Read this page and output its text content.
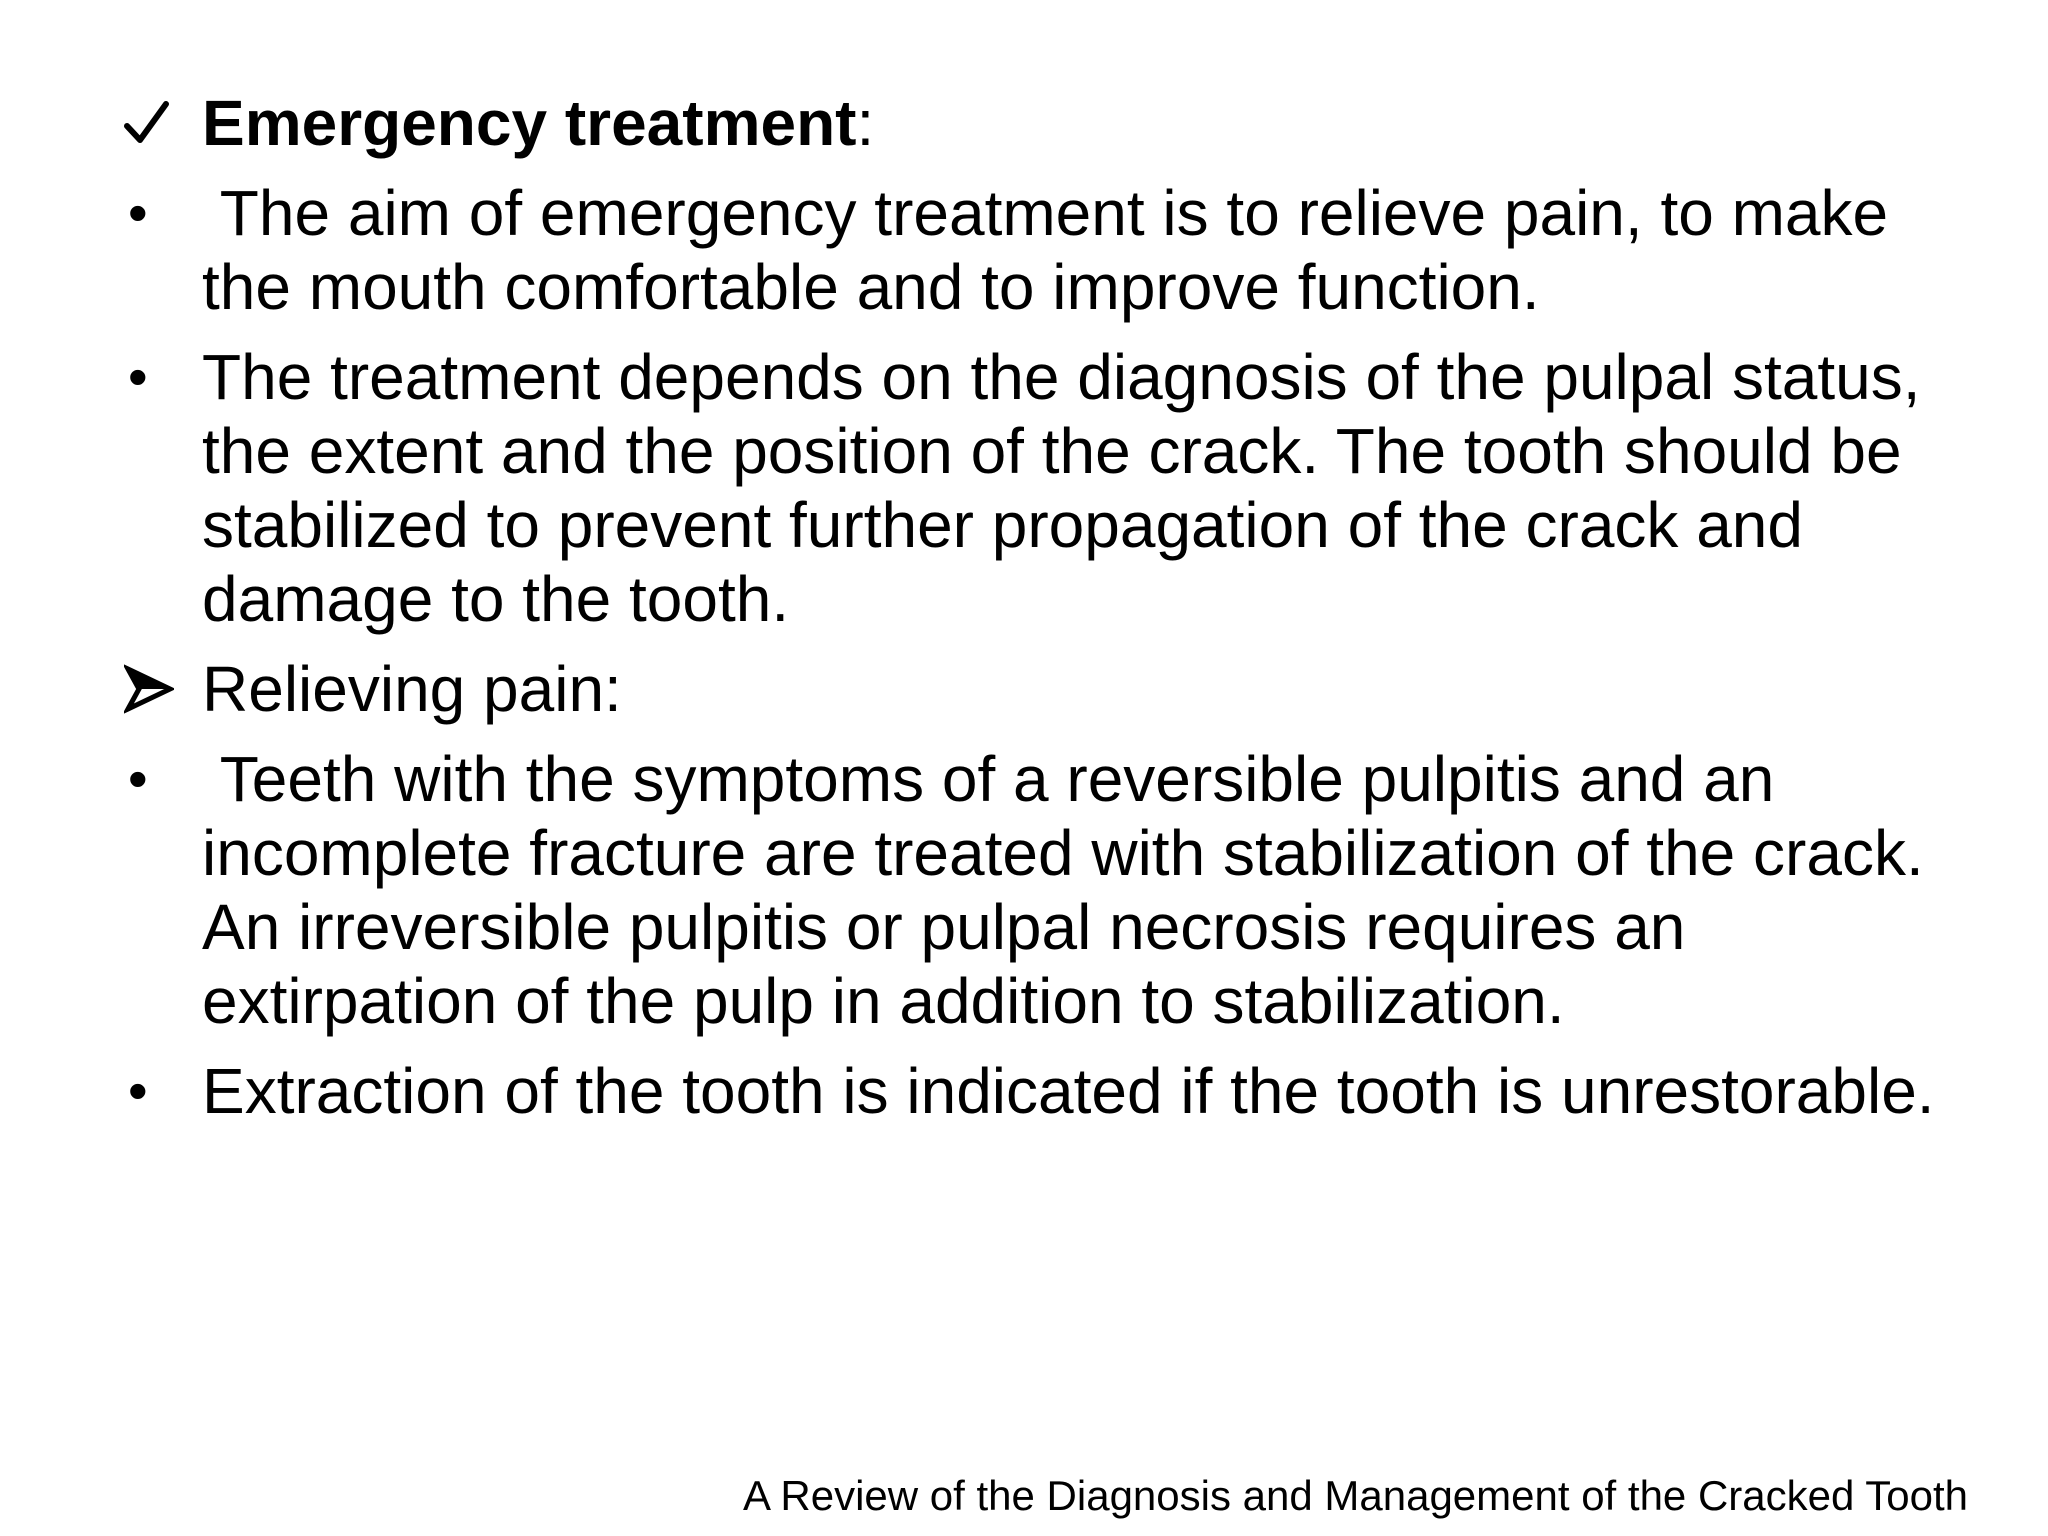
Emergency treatment:
• The aim of emergency treatment is to relieve pain, to make the mouth comfortable and to improve function.
• The treatment depends on the diagnosis of the pulpal status, the extent and the position of the crack. The tooth should be stabilized to prevent further propagation of the crack and damage to the tooth.
Relieving pain:
• Teeth with the symptoms of a reversible pulpitis and an incomplete fracture are treated with stabilization of the crack. An irreversible pulpitis or pulpal necrosis requires an extirpation of the pulp in addition to stabilization.
• Extraction of the tooth is indicated if the tooth is unrestorable.
A Review of the Diagnosis and Management of the Cracked Tooth
